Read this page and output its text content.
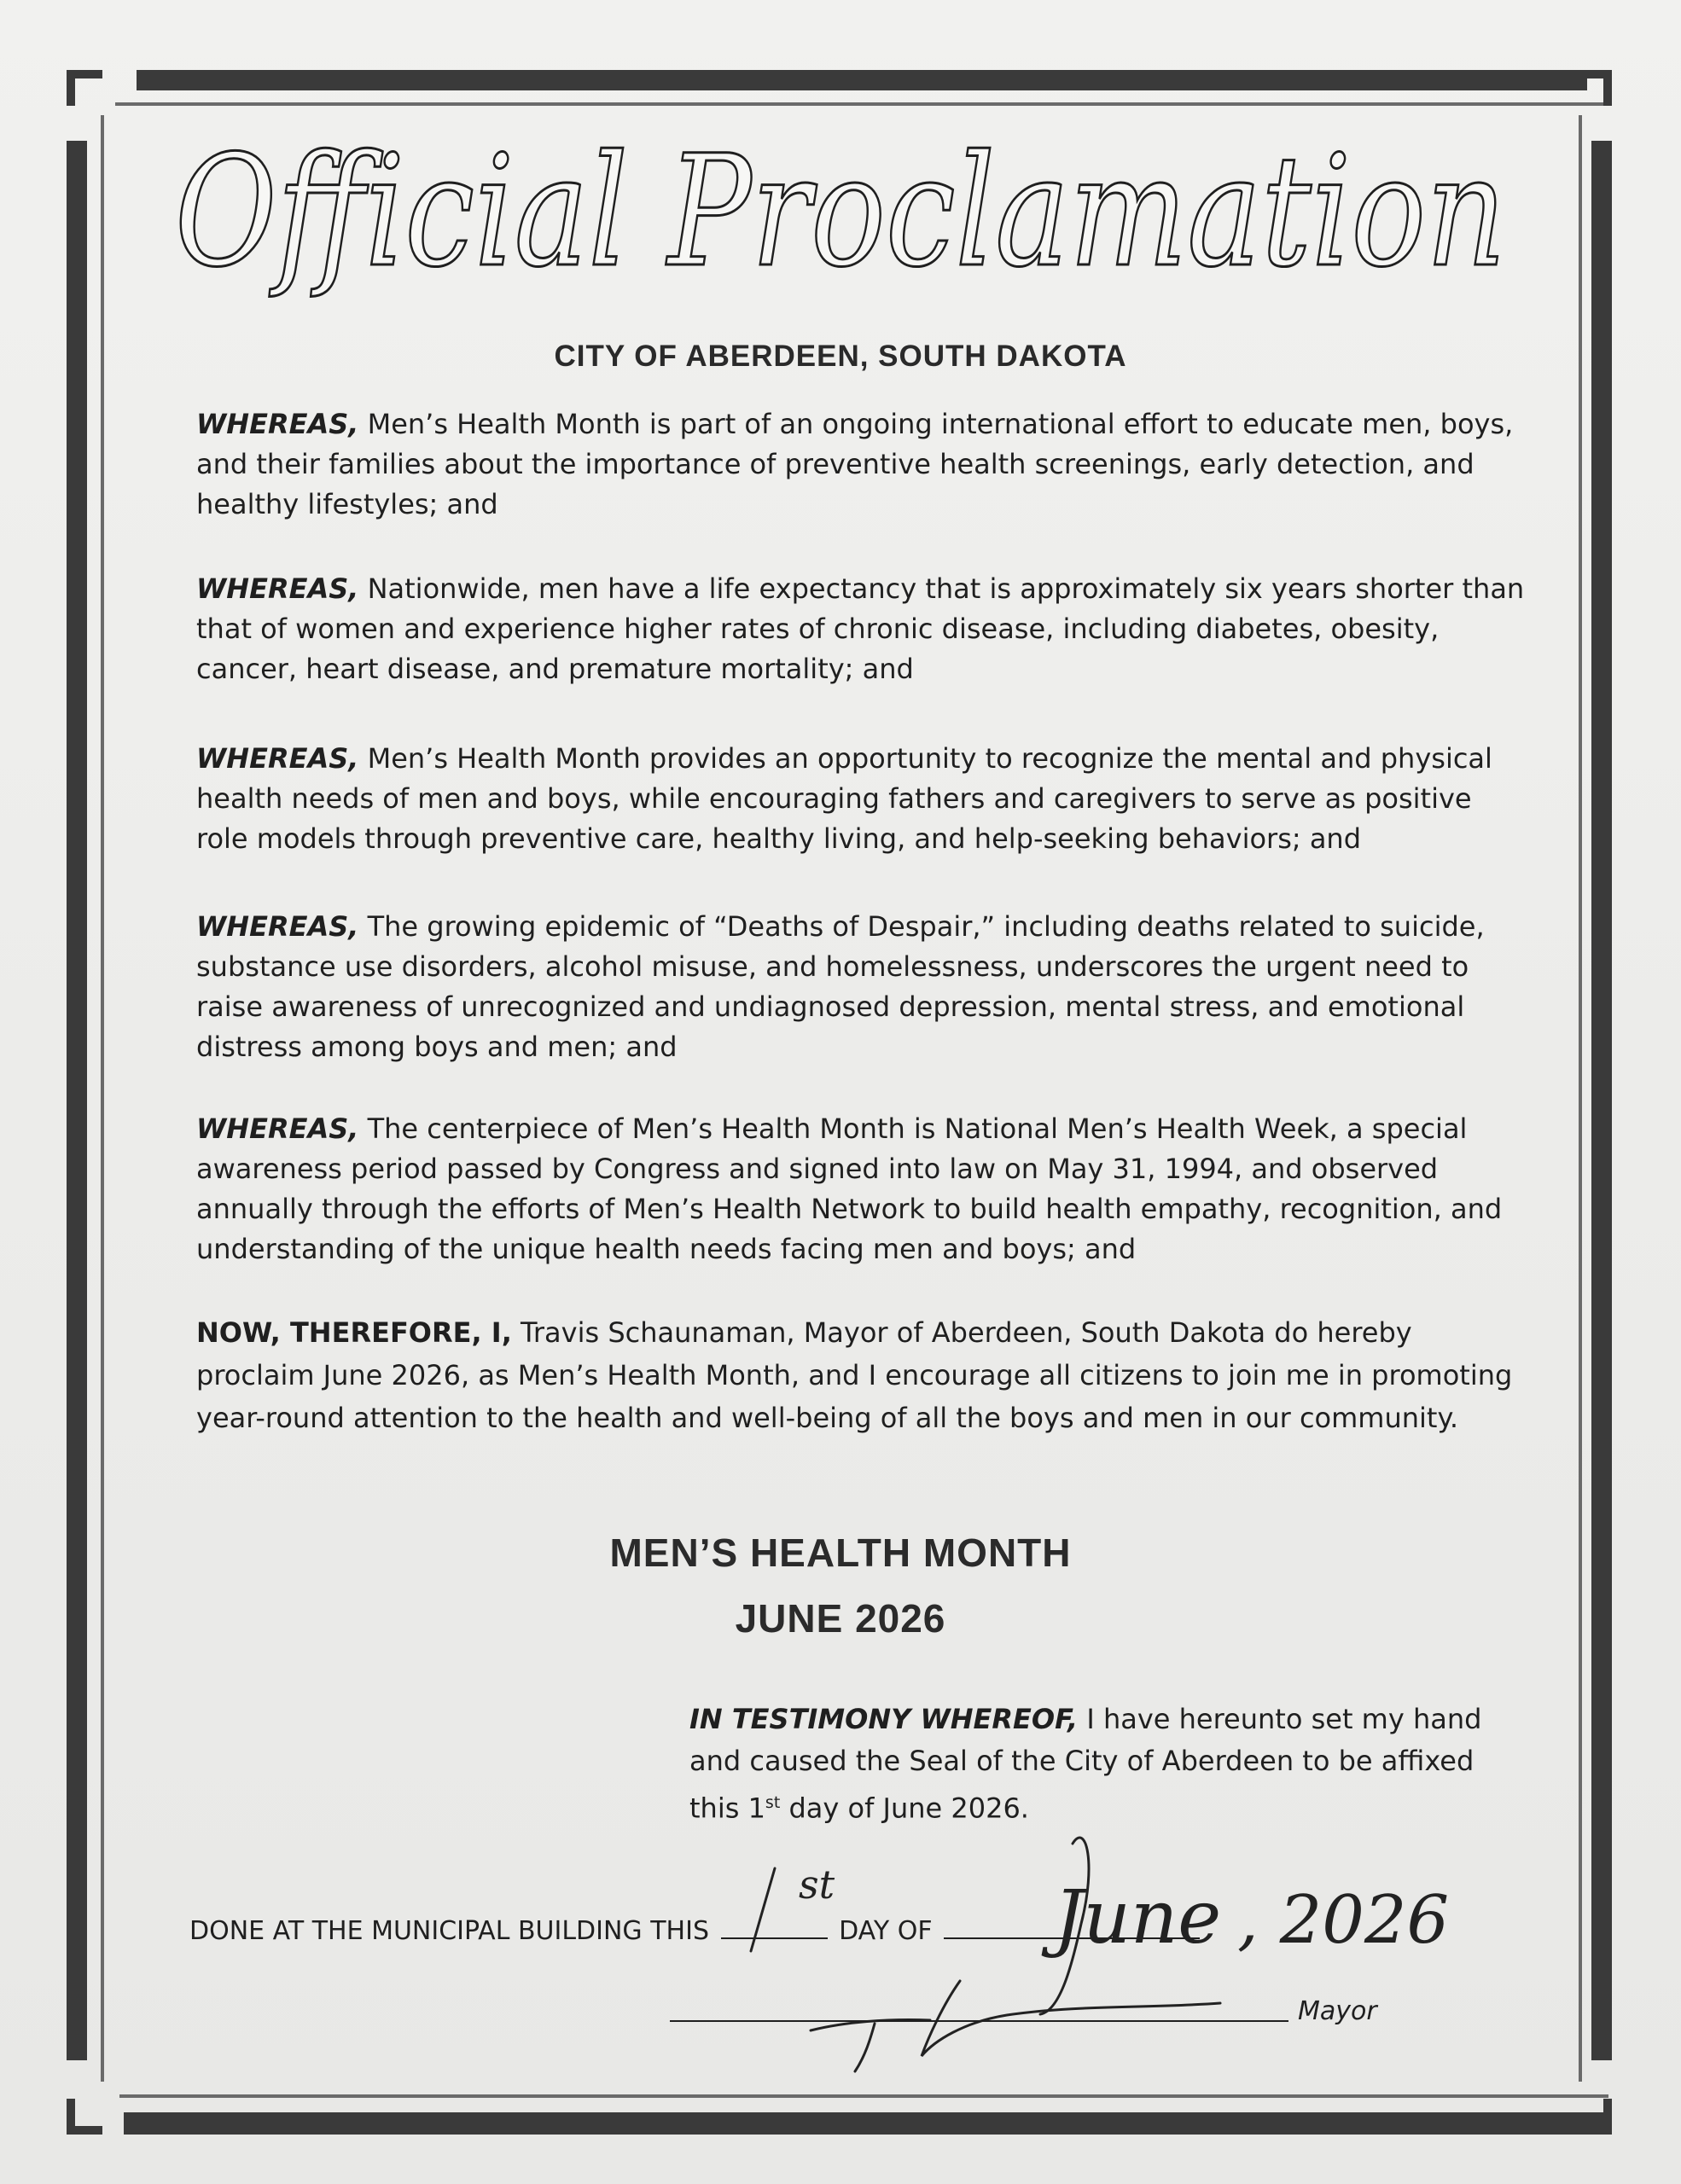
Official Proclamation
CITY OF ABERDEEN, SOUTH DAKOTA

WHEREAS, Men’s Health Month is part of an ongoing international effort to educate men, boys, and their families about the importance of preventive health screenings, early detection, and healthy lifestyles; and

WHEREAS, Nationwide, men have a life expectancy that is approximately six years shorter than that of women and experience higher rates of chronic disease, including diabetes, obesity, cancer, heart disease, and premature mortality; and

WHEREAS, Men’s Health Month provides an opportunity to recognize the mental and physical health needs of men and boys, while encouraging fathers and caregivers to serve as positive role models through preventive care, healthy living, and help-seeking behaviors; and

WHEREAS, The growing epidemic of “Deaths of Despair,” including deaths related to suicide, substance use disorders, alcohol misuse, and homelessness, underscores the urgent need to raise awareness of unrecognized and undiagnosed depression, mental stress, and emotional distress among boys and men; and

WHEREAS, The centerpiece of Men’s Health Month is National Men’s Health Week, a special awareness period passed by Congress and signed into law on May 31, 1994, and observed annually through the efforts of Men’s Health Network to build health empathy, recognition, and understanding of the unique health needs facing men and boys; and

NOW, THEREFORE, I, Travis Schaunaman, Mayor of Aberdeen, South Dakota do hereby proclaim June 2026, as Men’s Health Month, and I encourage all citizens to join me in promoting year-round attention to the health and well-being of all the boys and men in our community.

MEN’S HEALTH MONTH
JUNE 2026

IN TESTIMONY WHEREOF, I have hereunto set my hand and caused the Seal of the City of Aberdeen to be affixed this 1st day of June 2026.

DONE AT THE MUNICIPAL BUILDING THIS	DAY OF
st	June , 2026
Mayor
